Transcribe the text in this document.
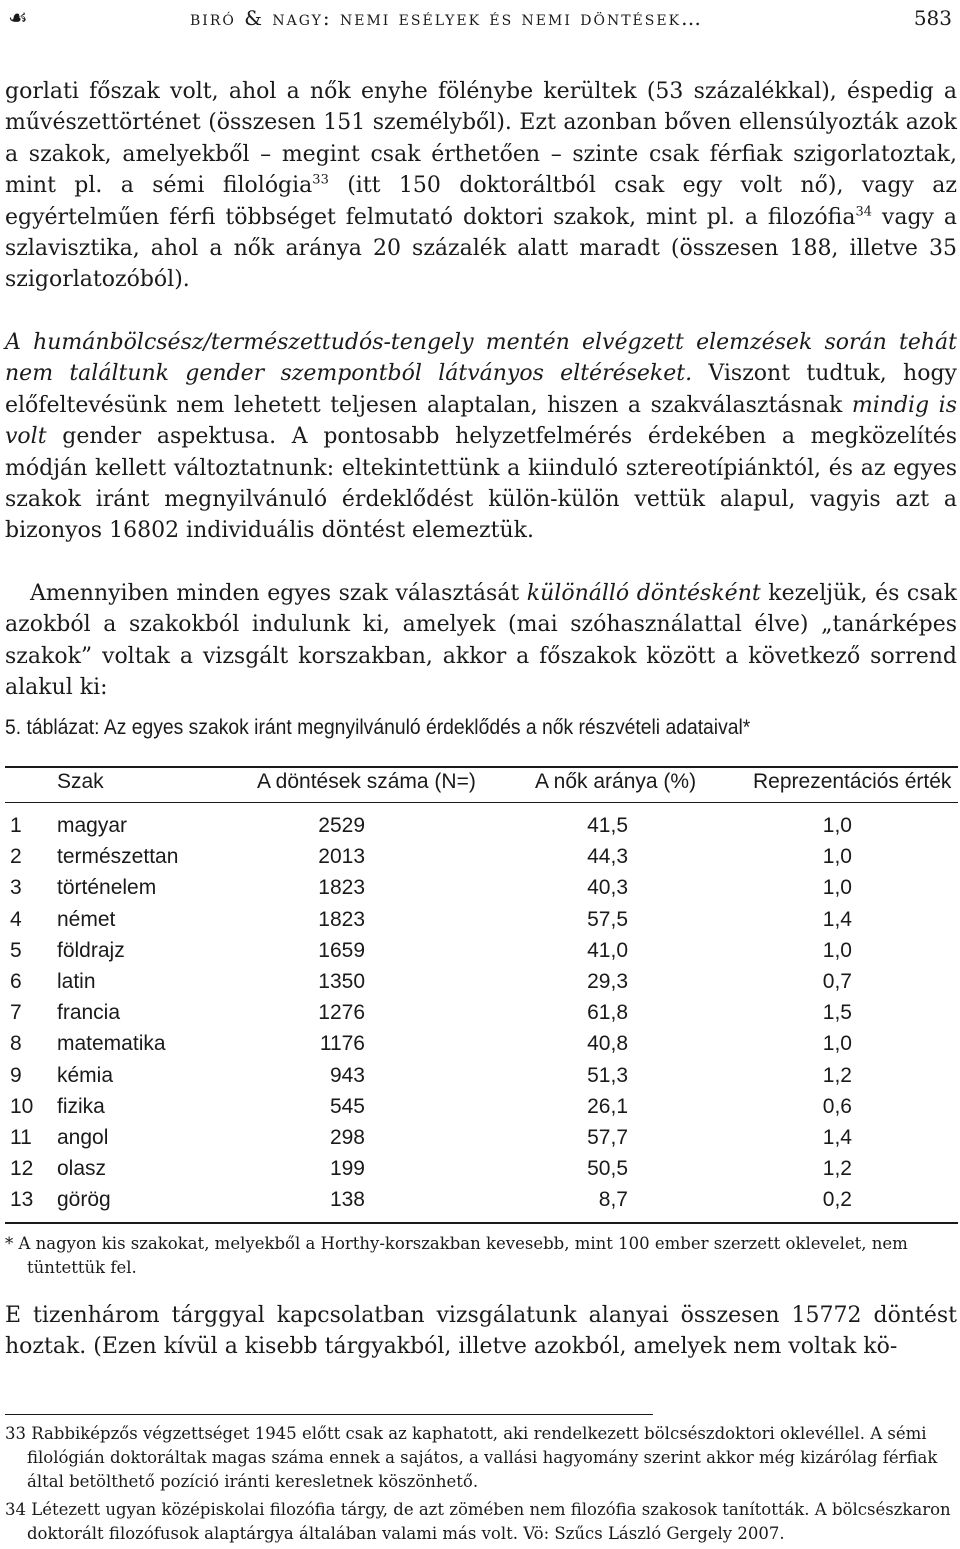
☙	biró & nagy: nemi esélyek és nemi döntések…	583
gorlati főszak volt, ahol a nők enyhe fölénybe kerültek (53 százalékkal), éspedig a művészettörténet (összesen 151 személyből). Ezt azonban bőven ellensúlyozták azok a szakok, amelyekből – megint csak érthetően – szinte csak férfiak szigorlatoztak, mint pl. a sémi filológia$^{33}$ (itt 150 doktoráltból csak egy volt nő), vagy az egyértelműen férfi többséget felmutató doktori szakok, mint pl. a filozófia$^{34}$ vagy a szlavisztika, ahol a nők aránya 20 százalék alatt maradt (összesen 188, illetve 35 szigorlatozóból).
A humánbölcsész/természettudós-tengely mentén elvégzett elemzések során tehát nem találtunk gender szempontból látványos eltéréseket. Viszont tudtuk, hogy előfeltevésünk nem lehetett teljesen alaptalan, hiszen a szakválasztásnak mindig is volt gender aspektusa. A pontosabb helyzetfelmérés érdekében a megközelítés módján kellett változtatnunk: eltekintettünk a kiinduló sztereotípiánktól, és az egyes szakok iránt megnyilvánuló érdeklődést külön-külön vettük alapul, vagyis azt a bizonyos 16802 individuális döntést elemeztük.
Amennyiben minden egyes szak választását különálló döntésként kezeljük, és csak azokból a szakokból indulunk ki, amelyek (mai szóhasználattal élve) „tanárképes szakok” voltak a vizsgált korszakban, akkor a főszakok között a következő sorrend alakul ki:
5. táblázat: Az egyes szakok iránt megnyilvánuló érdeklődés a nők részvételi adataival*
Szak	A döntések száma (N=)	A nők aránya (%)	Reprezentációs érték
1 magyar	2529	41,5	1,0
2 természettan	2013	44,3	1,0
3 történelem	1823	40,3	1,0
4 német	1823	57,5	1,4
5 földrajz	1659	41,0	1,0
6 latin	1350	29,3	0,7
7 francia	1276	61,8	1,5
8 matematika	1176	40,8	1,0
9 kémia	943	51,3	1,2
10 fizika	545	26,1	0,6
11 angol	298	57,7	1,4
12 olasz	199	50,5	1,2
13 görög	138	8,7	0,2
* A nagyon kis szakokat, melyekből a Horthy-korszakban kevesebb, mint 100 ember szerzett oklevelet, nem tüntettük fel.
E tizenhárom tárggyal kapcsolatban vizsgálatunk alanyai összesen 15772 döntést hoztak. (Ezen kívül a kisebb tárgyakból, illetve azokból, amelyek nem voltak kö-
33 Rabbiképzős végzettséget 1945 előtt csak az kaphatott, aki rendelkezett bölcsészdoktori oklevéllel. A sémi filológián doktoráltak magas száma ennek a sajátos, a vallási hagyomány szerint akkor még kizárólag férfiak által betölthető pozíció iránti keresletnek köszönhető.
34 Létezett ugyan középiskolai filozófia tárgy, de azt zömében nem filozófia szakosok tanították. A bölcsészkaron doktorált filozófusok alaptárgya általában valami más volt. Vö: Szűcs László Gergely 2007.
